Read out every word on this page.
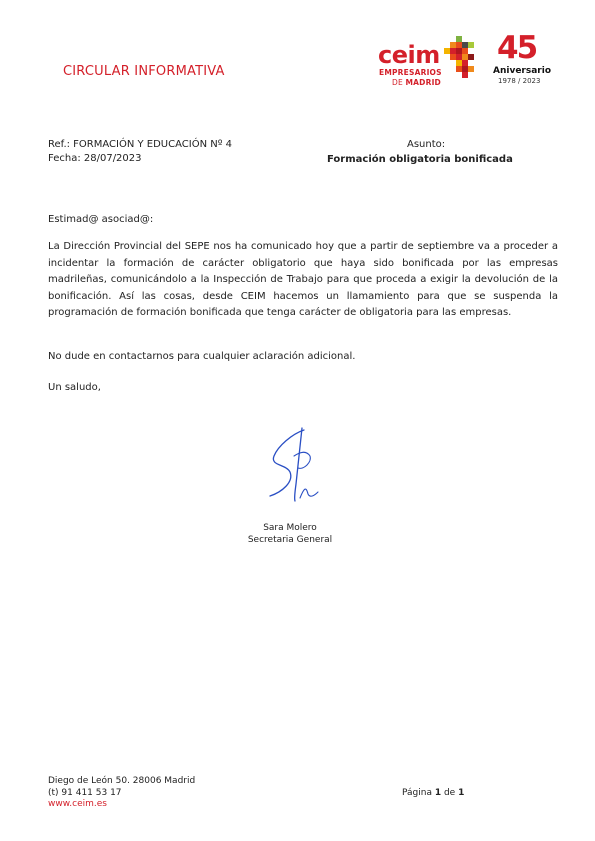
CIRCULAR INFORMATIVA
ceim
EMPRESARIOS
DE MADRID
45
Aniversario
1978 / 2023
Ref.: FORMACIÓN Y EDUCACIÓN Nº 4
Fecha: 28/07/2023
Asunto:
Formación obligatoria bonificada

Estimad@ asociad@:

La Dirección Provincial del SEPE nos ha comunicado hoy que a partir de septiembre va a proceder a incidentar la formación de carácter obligatorio que haya sido bonificada por las empresas madrileñas, comunicándolo a la Inspección de Trabajo para que proceda a exigir la devolución de la bonificación. Así las cosas, desde CEIM hacemos un llamamiento para que se suspenda la programación de formación bonificada que tenga carácter de obligatoria para las empresas.

No dude en contactarnos para cualquier aclaración adicional.

Un saludo,

Sara Molero
Secretaria General
Diego de León 50. 28006 Madrid
(t) 91 411 53 17
www.ceim.es
Página 1 de 1
